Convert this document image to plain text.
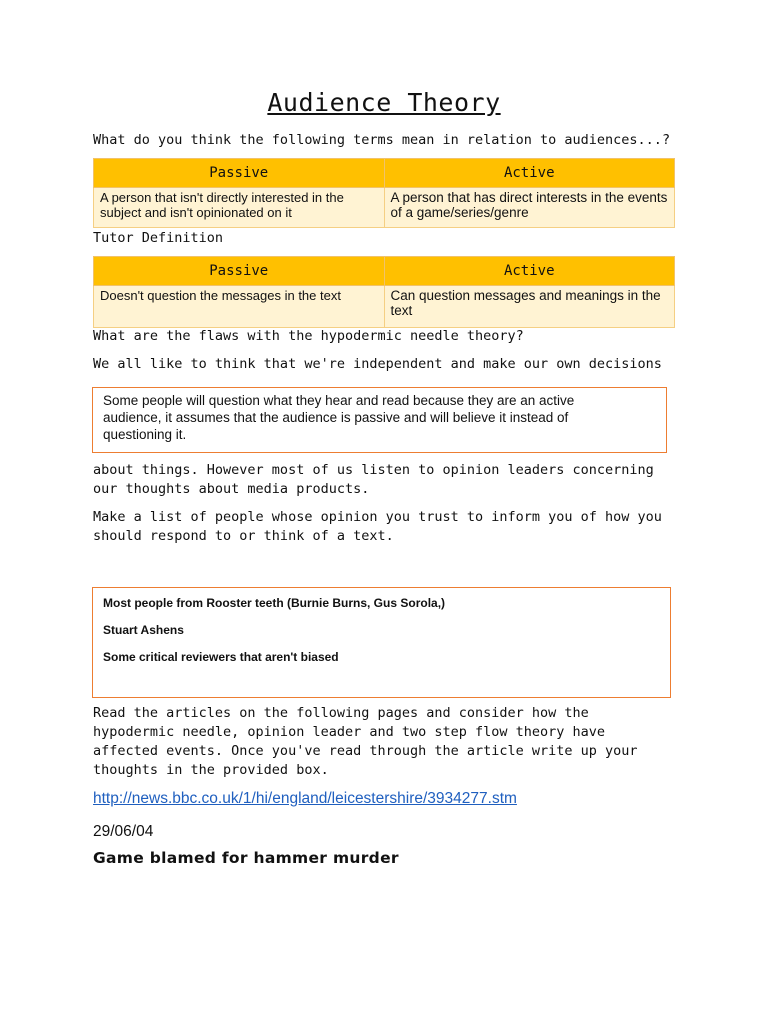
Audience Theory
What do you think the following terms mean in relation to audiences...?
Passive	Active
A person that isn't directly interested in the subject and isn't opinionated on it	A person that has direct interests in the events of a game/series/genre
Tutor Definition
Passive	Active
Doesn't question the messages in the text	Can question messages and meanings in the text
What are the flaws with the hypodermic needle theory?
We all like to think that we're independent and make our own decisions

Some people will question what they hear and read because they are an active audience, it assumes that the audience is passive and will believe it instead of questioning it.

about things. However most of us listen to opinion leaders concerning our thoughts about media products.
Make a list of people whose opinion you trust to inform you of how you should respond to or think of a text.

Most people from Rooster teeth (Burnie Burns, Gus Sorola,)

Stuart Ashens

Some critical reviewers that aren't biased

Read the articles on the following pages and consider how the hypodermic needle, opinion leader and two step flow theory have affected events. Once you've read through the article write up your thoughts in the provided box.
http://news.bbc.co.uk/1/hi/england/leicestershire/3934277.stm
29/06/04
Game blamed for hammer murder
